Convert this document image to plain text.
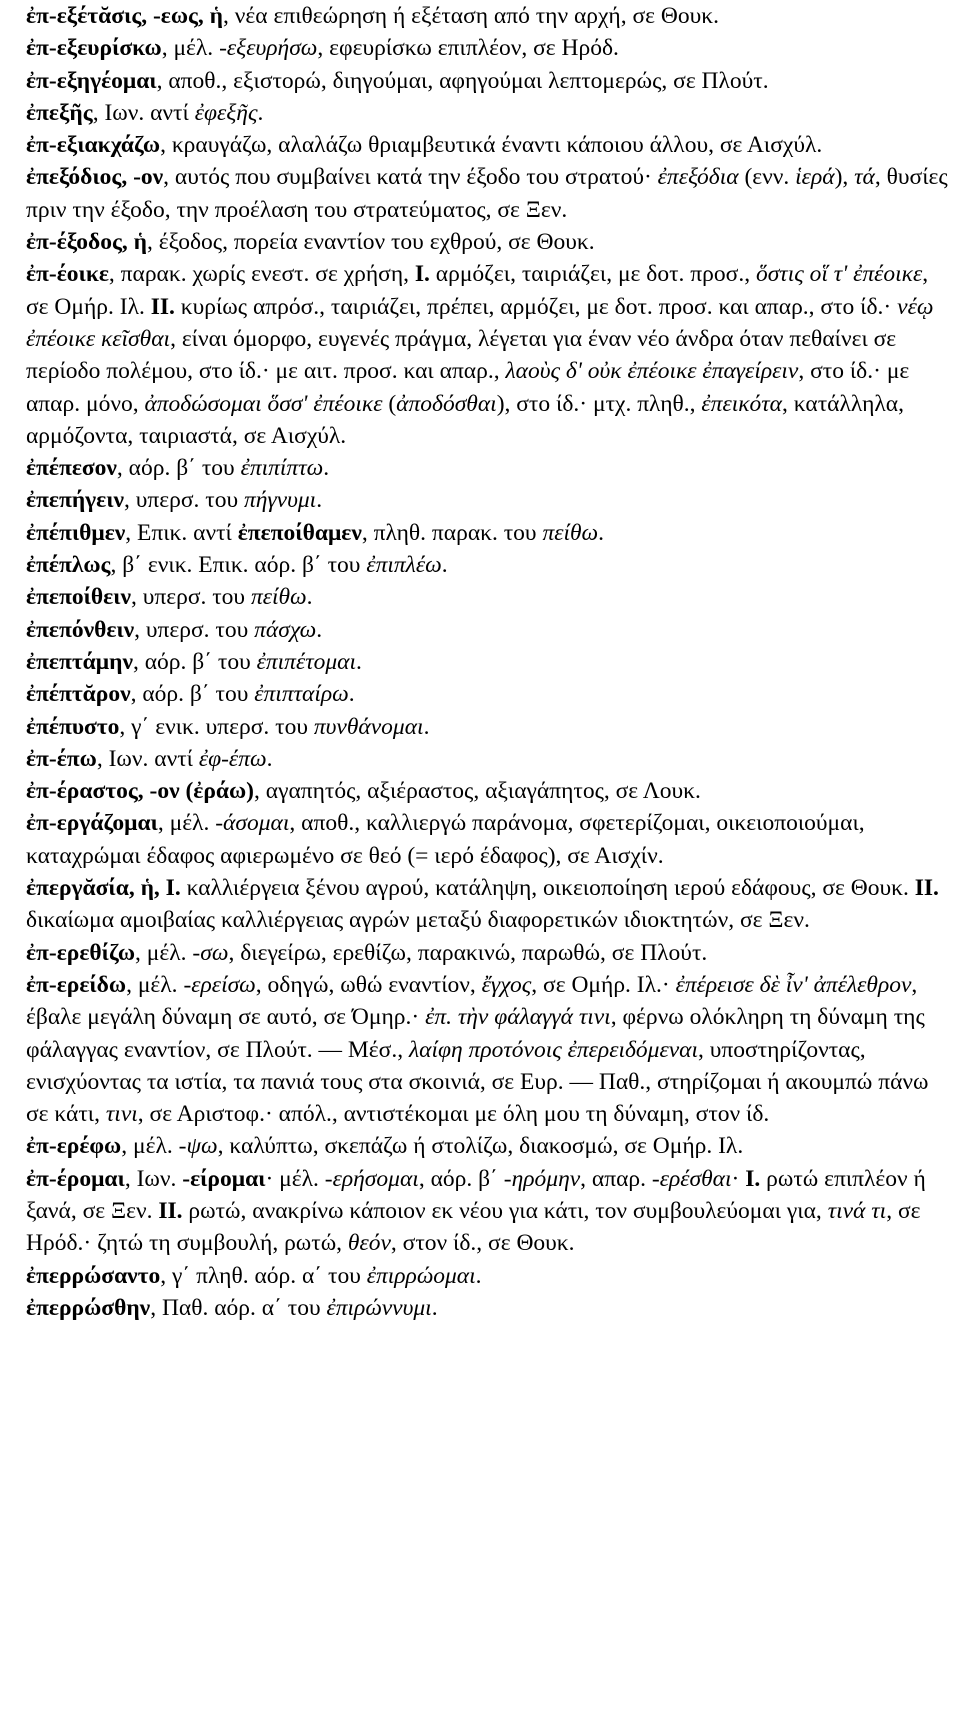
ἐπ-εξέτᾰσις, -εως, ἡ, νέα επιθεώρηση ή εξέταση από την αρχή, σε Θουκ.

ἐπ-εξευρίσκω, μέλ. -εξευρήσω, εφευρίσκω επιπλέον, σε Ηρόδ.

ἐπ-εξηγέομαι, αποθ., εξιστορώ, διηγούμαι, αφηγούμαι λεπτομερώς, σε Πλούτ.

ἐπεξῆς, Ιων. αντί ἐφεξῆς.

ἐπ-εξιακχάζω, κραυγάζω, αλαλάζω θριαμβευτικά έναντι κάποιου άλλου, σε Αισχύλ.

ἐπεξόδιος, -ον, αυτός που συμβαίνει κατά την έξοδο του στρατού· ἐπεξόδια (ενν. ἱερά), τά, θυσίες πριν την έξοδο, την προέλαση του στρατεύματος, σε Ξεν.

ἐπ-έξοδος, ἡ, έξοδος, πορεία εναντίον του εχθρού, σε Θουκ.

ἐπ-έοικε, παρακ. χωρίς ενεστ. σε χρήση, I. αρμόζει, ταιριάζει, με δοτ. προσ., ὅστις οἵ τ' ἐπέοικε, σε Ομήρ. Ιλ. II. κυρίως απρόσ., ταιριάζει, πρέπει, αρμόζει, με δοτ. προσ. και απαρ., στο ίδ.· νέῳ ἐπέοικε κεῖσθαι, είναι όμορφο, ευγενές πράγμα, λέγεται για έναν νέο άνδρα όταν πεθαίνει σε περίοδο πολέμου, στο ίδ.· με αιτ. προσ. και απαρ., λαοὺς δ' οὐκ ἐπέοικε ἐπαγείρειν, στο ίδ.· με απαρ. μόνο, ἀποδώσομαι ὅσσ' ἐπέοικε (ἀποδόσθαι), στο ίδ.· μτχ. πληθ., ἐπεικότα, κατάλληλα, αρμόζοντα, ταιριαστά, σε Αισχύλ.

ἐπέπεσον, αόρ. β΄ του ἐπιπίπτω.

ἐπεπήγειν, υπερσ. του πήγνυμι.

ἐπέπιθμεν, Επικ. αντί ἐπεποίθαμεν, πληθ. παρακ. του πείθω.

ἐπέπλως, β΄ ενικ. Επικ. αόρ. β΄ του ἐπιπλέω.

ἐπεποίθειν, υπερσ. του πείθω.

ἐπεπόνθειν, υπερσ. του πάσχω.

ἐπεπτάμην, αόρ. β΄ του ἐπιπέτομαι.

ἐπέπτᾰρον, αόρ. β΄ του ἐπιπταίρω.

ἐπέπυστο, γ΄ ενικ. υπερσ. του πυνθάνομαι.

ἐπ-έπω, Ιων. αντί ἐφ-έπω.

ἐπ-έραστος, -ον (ἐράω), αγαπητός, αξιέραστος, αξιαγάπητος, σε Λουκ.

ἐπ-εργάζομαι, μέλ. -άσομαι, αποθ., καλλιεργώ παράνομα, σφετερίζομαι, οικειοποιούμαι, καταχρώμαι έδαφος αφιερωμένο σε θεό (= ιερό έδαφος), σε Αισχίν.

ἐπεργᾰσία, ἡ, I. καλλιέργεια ξένου αγρού, κατάληψη, οικειοποίηση ιερού εδάφους, σε Θουκ. II. δικαίωμα αμοιβαίας καλλιέργειας αγρών μεταξύ διαφορετικών ιδιοκτητών, σε Ξεν.

ἐπ-ερεθίζω, μέλ. -σω, διεγείρω, ερεθίζω, παρακινώ, παρωθώ, σε Πλούτ.

ἐπ-ερείδω, μέλ. -ερείσω, οδηγώ, ωθώ εναντίον, ἔγχος, σε Ομήρ. Ιλ.· ἐπέρεισε δὲ ἶν' ἀπέλεθρον, έβαλε μεγάλη δύναμη σε αυτό, σε Όμηρ.· ἐπ. τὴν φάλαγγά τινι, φέρνω ολόκληρη τη δύναμη της φάλαγγας εναντίον, σε Πλούτ. — Μέσ., λαίφη προτόνοις ἐπερειδόμεναι, υποστηρίζοντας, ενισχύοντας τα ιστία, τα πανιά τους στα σκοινιά, σε Ευρ. — Παθ., στηρίζομαι ή ακουμπώ πάνω σε κάτι, τινι, σε Αριστοφ.· απόλ., αντιστέκομαι με όλη μου τη δύναμη, στον ίδ.

ἐπ-ερέφω, μέλ. -ψω, καλύπτω, σκεπάζω ή στολίζω, διακοσμώ, σε Ομήρ. Ιλ.

ἐπ-έρομαι, Ιων. -είρομαι· μέλ. -ερήσομαι, αόρ. β΄ -ηρόμην, απαρ. -ερέσθαι· I. ρωτώ επιπλέον ή ξανά, σε Ξεν. II. ρωτώ, ανακρίνω κάποιον εκ νέου για κάτι, τον συμβουλεύομαι για, τινά τι, σε Ηρόδ.· ζητώ τη συμβουλή, ρωτώ, θεόν, στον ίδ., σε Θουκ.

ἐπερρώσαντο, γ΄ πληθ. αόρ. α΄ του ἐπιρρώομαι.

ἐπερρώσθην, Παθ. αόρ. α΄ του ἐπιρώννυμι.
